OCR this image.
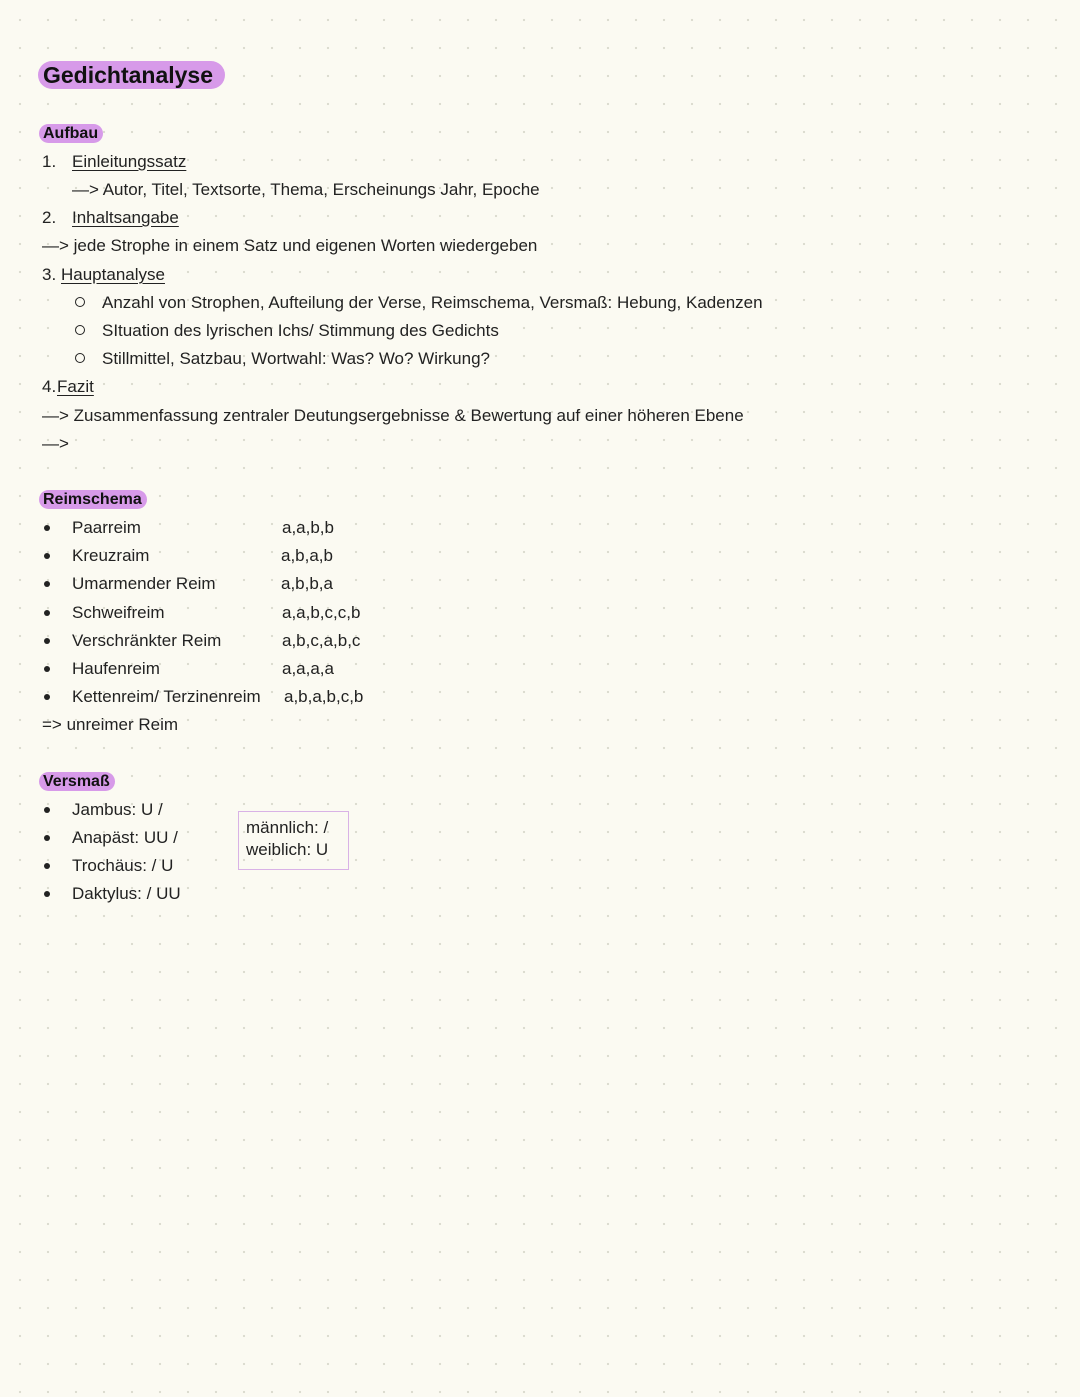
Gedichtanalyse
Aufbau
1. Einleitungssatz
—> Autor, Titel, Textsorte, Thema, Erscheinungs Jahr, Epoche
2. Inhaltsangabe
—> jede Strophe in einem Satz und eigenen Worten wiedergeben
3. Hauptanalyse
Anzahl von Strophen, Aufteilung der Verse, Reimschema, Versmaß: Hebung, Kadenzen
SItuation des lyrischen Ichs/ Stimmung des Gedichts
Stillmittel, Satzbau, Wortwahl: Was? Wo? Wirkung?
4. Fazit
—> Zusammenfassung zentraler Deutungsergebnisse & Bewertung auf einer höheren Ebene
—>
Reimschema
Paarreim	a,a,b,b
Kreuzraim	a,b,a,b
Umarmender Reim	a,b,b,a
Schweifreim	a,a,b,c,c,b
Verschränkter Reim	a,b,c,a,b,c
Haufenreim	a,a,a,a
Kettenreim/ Terzinenreim a,b,a,b,c,b
=> unreimer Reim
Versmaß
Jambus: U /
Anapäst: UU /
Trochäus: / U
Daktylus: / UU
männlich: /
weiblich: U
